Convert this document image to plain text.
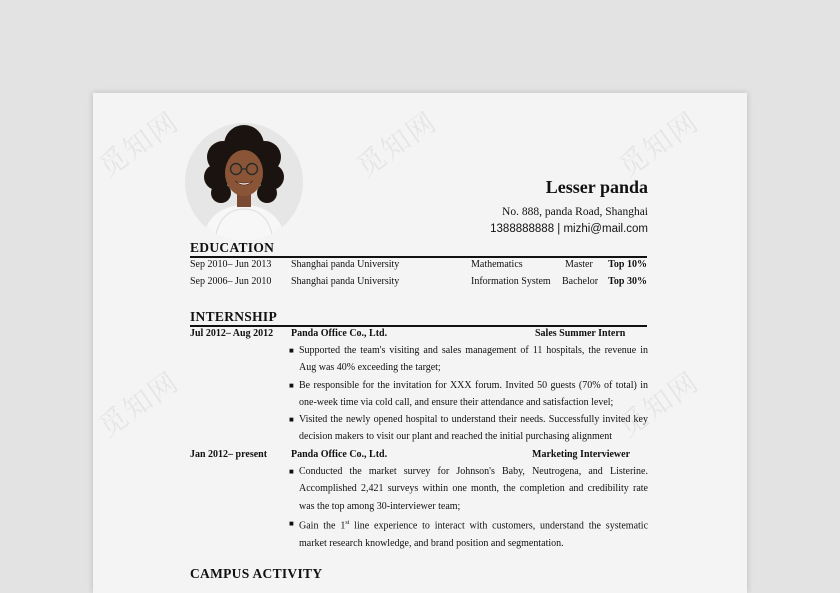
觅知网	觅知网	觅知网
觅知网	觅知网
Lesser panda
No. 888, panda Road, Shanghai
1388888888 | mizhi@mail.com
EDUCATION
Sep 2010– Jun 2013 Shanghai panda University	Mathematics	Master Top 10%
Sep 2006– Jun 2010 Shanghai panda University	Information System Bachelor Top 30%
INTERNSHIP
Jul 2012– Aug 2012 Panda Office Co., Ltd.	Sales Summer Intern
■ Supported the team's visiting and sales management of 11 hospitals, the revenue in Aug was 40% exceeding the target;
■ Be responsible for the invitation for XXX forum. Invited 50 guests (70% of total) in one-week time via cold call, and ensure their attendance and satisfaction level;
■ Visited the newly opened hospital to understand their needs. Successfully invited key decision makers to visit our plant and reached the initial purchasing alignment
Jan 2012– present Panda Office Co., Ltd.	Marketing Interviewer
■ Conducted the market survey for Johnson's Baby, Neutrogena, and Listerine. Accomplished 2,421 surveys within one month, the completion and credibility rate was the top among 30-interviewer team;
■ Gain the 1st line experience to interact with customers, understand the systematic market research knowledge, and brand position and segmentation.
CAMPUS ACTIVITY
